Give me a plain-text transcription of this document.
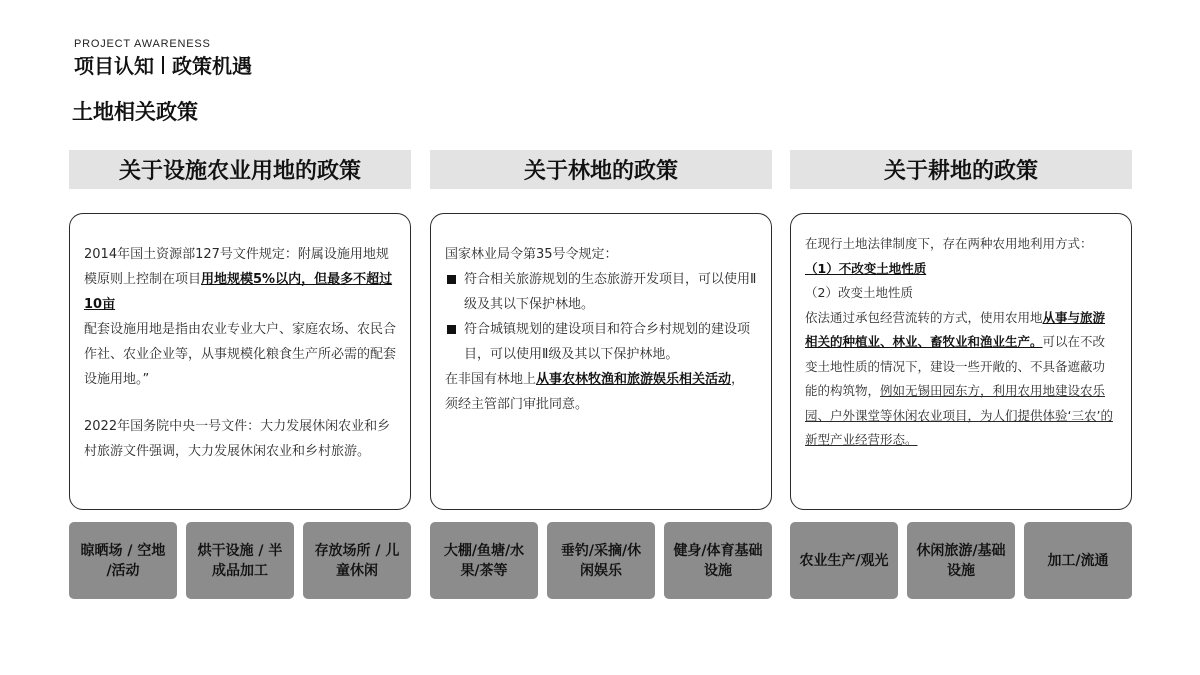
PROJECT AWARENESS
项目认知 政策机遇
土地相关政策
关于设施农业用地的政策

2014年国土资源部127号文件规定：附属设施用地规模原则上控制在项目用地规模5%以内，但最多不超过10亩

配套设施用地是指由农业专业大户、家庭农场、农民合作社、农业企业等，从事规模化粮食生产所必需的配套设施用地。”

2022年国务院中央一号文件：大力发展休闲农业和乡村旅游文件强调，大力发展休闲农业和乡村旅游。

晾晒场 / 空地 /活动
烘干设施 / 半成品加工
存放场所 / 儿童休闲
关于林地的政策

国家林业局令第35号令规定：

符合相关旅游规划的生态旅游开发项目，可以使用Ⅱ级及其以下保护林地。
符合城镇规划的建设项目和符合乡村规划的建设项目，可以使用Ⅱ级及其以下保护林地。

在非国有林地上从事农林牧渔和旅游娱乐相关活动，须经主管部门审批同意。

大棚/鱼塘/水果/茶等
垂钓/采摘/休闲娱乐
健身/体育基础设施
关于耕地的政策

在现行土地法律制度下，存在两种农用地利用方式：

（1）不改变土地性质

（2）改变土地性质

依法通过承包经营流转的方式，使用农用地从事与旅游相关的种植业、林业、畜牧业和渔业生产。可以在不改变土地性质的情况下，建设一些开敞的、不具备遮蔽功能的构筑物，例如无锡田园东方，利用农用地建设农乐园、户外课堂等休闲农业项目，为人们提供体验‘三农’的新型产业经营形态。

农业生产/观光
休闲旅游/基础设施
加工/流通
